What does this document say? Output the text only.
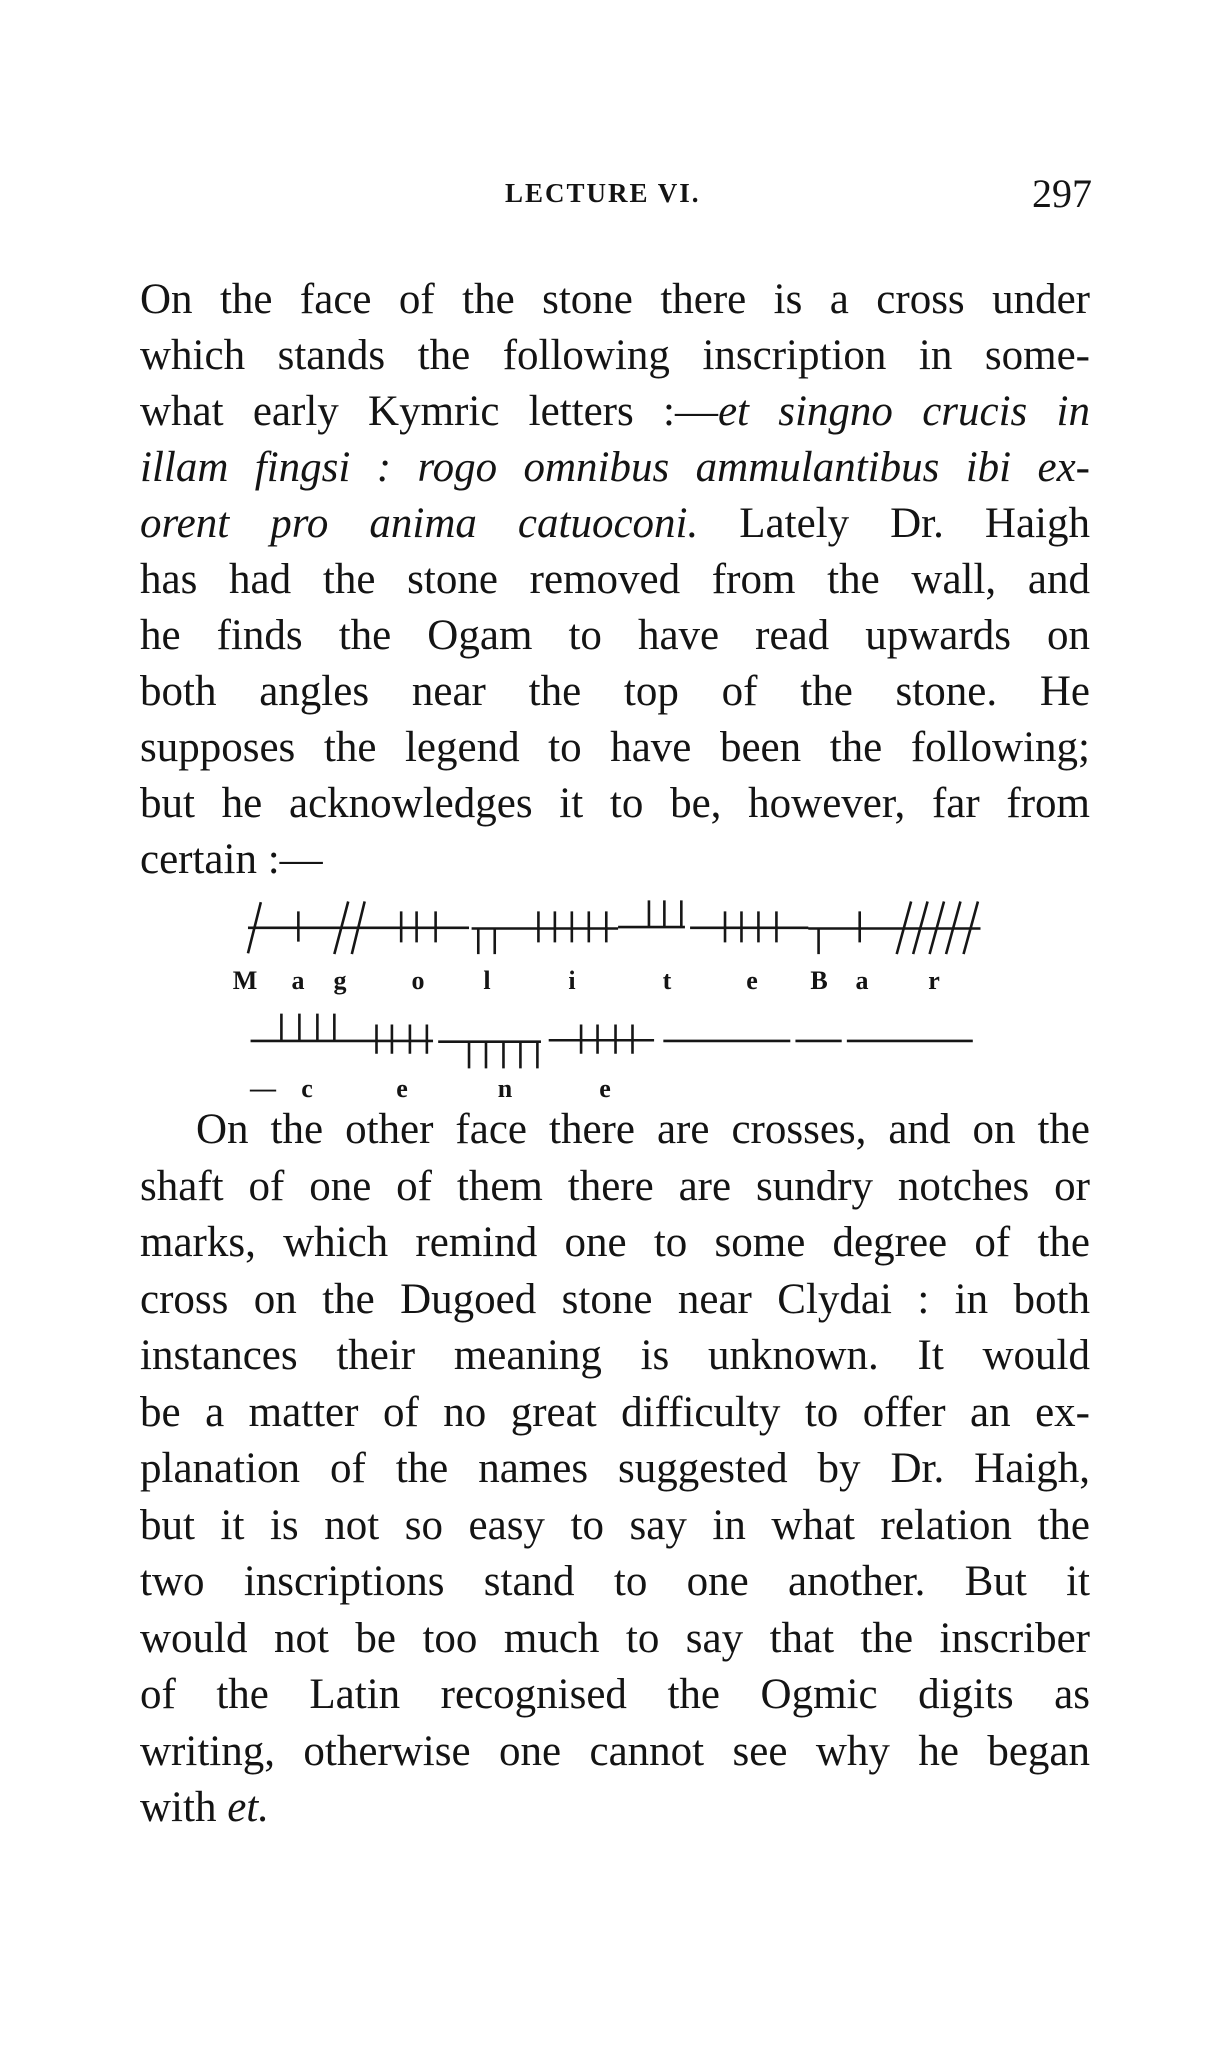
LECTURE VI.	297
On the face of the stone there is a cross under
which stands the following inscription in some-
what early Kymric letters :—et singno crucis in
illam fingsi : rogo omnibus ammulantibus ibi ex-
orent pro anima catuoconi. Lately Dr. Haigh
has had the stone removed from the wall, and
he finds the Ogam to have read upwards on
both angles near the top of the stone. He
supposes the legend to have been the following;
but he acknowledges it to be, however, far from
certain :—
M a g	o l	i	t	e B a r
— c	e	n	e
On the other face there are crosses, and on the
shaft of one of them there are sundry notches or
marks, which remind one to some degree of the
cross on the Dugoed stone near Clydai : in both
instances their meaning is unknown. It would
be a matter of no great difficulty to offer an ex-
planation of the names suggested by Dr. Haigh,
but it is not so easy to say in what relation the
two inscriptions stand to one another. But it
would not be too much to say that the inscriber
of the Latin recognised the Ogmic digits as
writing, otherwise one cannot see why he began
with et.
